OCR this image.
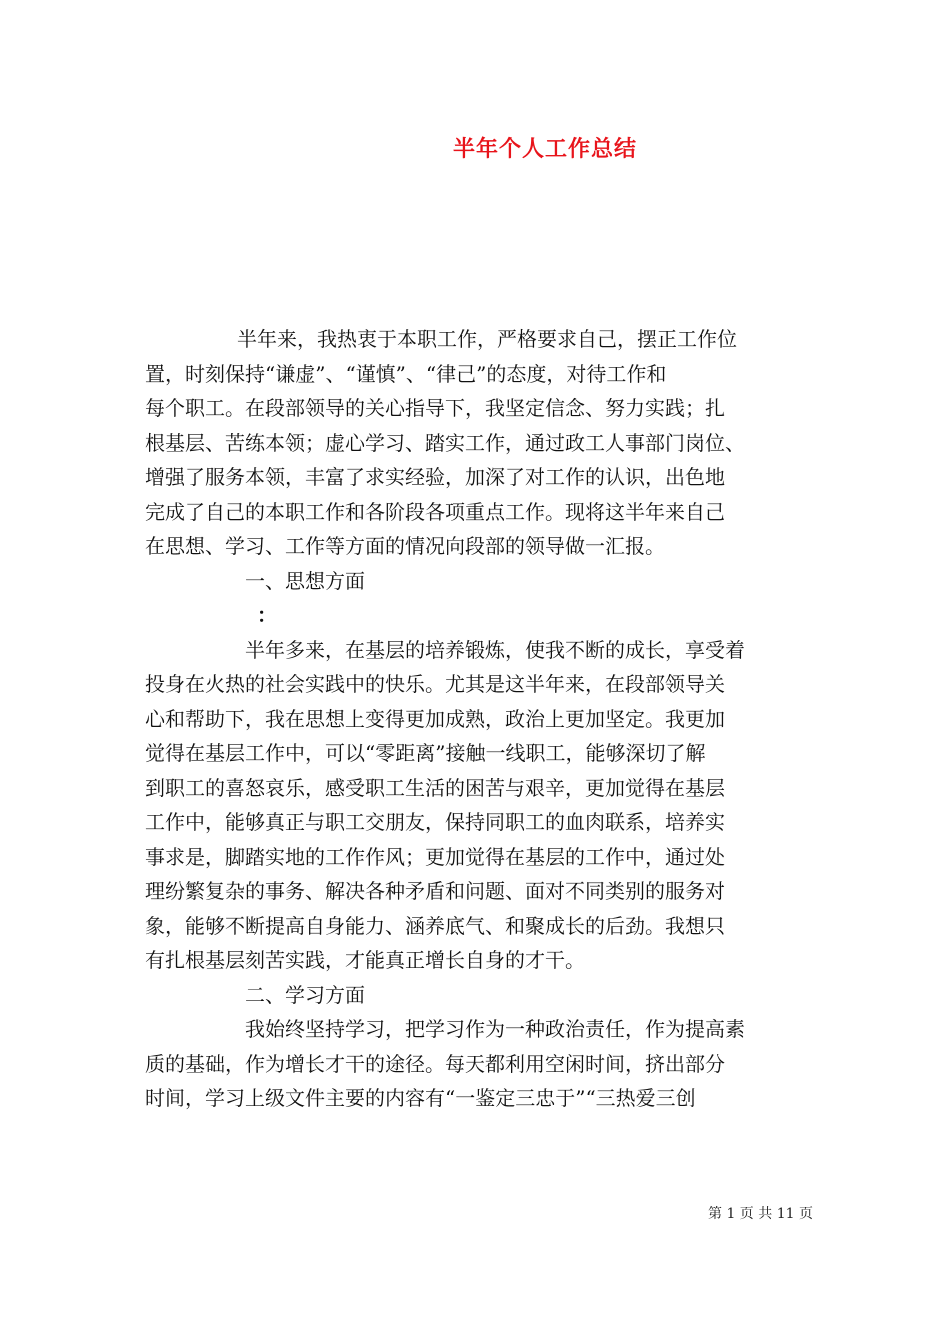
半年个人工作总结
半年来，我热衷于本职工作，严格要求自己，摆正工作位
置，时刻保持“谦虚”、“谨慎”、“律己”的态度，对待工作和
每个职工。在段部领导的关心指导下，我坚定信念、努力实践；扎
根基层、苦练本领；虚心学习、踏实工作，通过政工人事部门岗位、
增强了服务本领，丰富了求实经验，加深了对工作的认识，出色地
完成了自己的本职工作和各阶段各项重点工作。现将这半年来自己
在思想、学习、工作等方面的情况向段部的领导做一汇报。
一、思想方面
：
半年多来，在基层的培养锻炼，使我不断的成长，享受着
投身在火热的社会实践中的快乐。尤其是这半年来，在段部领导关
心和帮助下，我在思想上变得更加成熟，政治上更加坚定。我更加
觉得在基层工作中，可以“零距离”接触一线职工，能够深切了解
到职工的喜怒哀乐，感受职工生活的困苦与艰辛，更加觉得在基层
工作中，能够真正与职工交朋友，保持同职工的血肉联系，培养实
事求是，脚踏实地的工作作风；更加觉得在基层的工作中，通过处
理纷繁复杂的事务、解决各种矛盾和问题、面对不同类别的服务对
象，能够不断提高自身能力、涵养底气、和聚成长的后劲。我想只
有扎根基层刻苦实践，才能真正增长自身的才干。
二、学习方面
我始终坚持学习，把学习作为一种政治责任，作为提高素
质的基础，作为增长才干的途径。每天都利用空闲时间，挤出部分
时间，学习上级文件主要的内容有“一鉴定三忠于”“三热爱三创
第 1 页 共 11 页
